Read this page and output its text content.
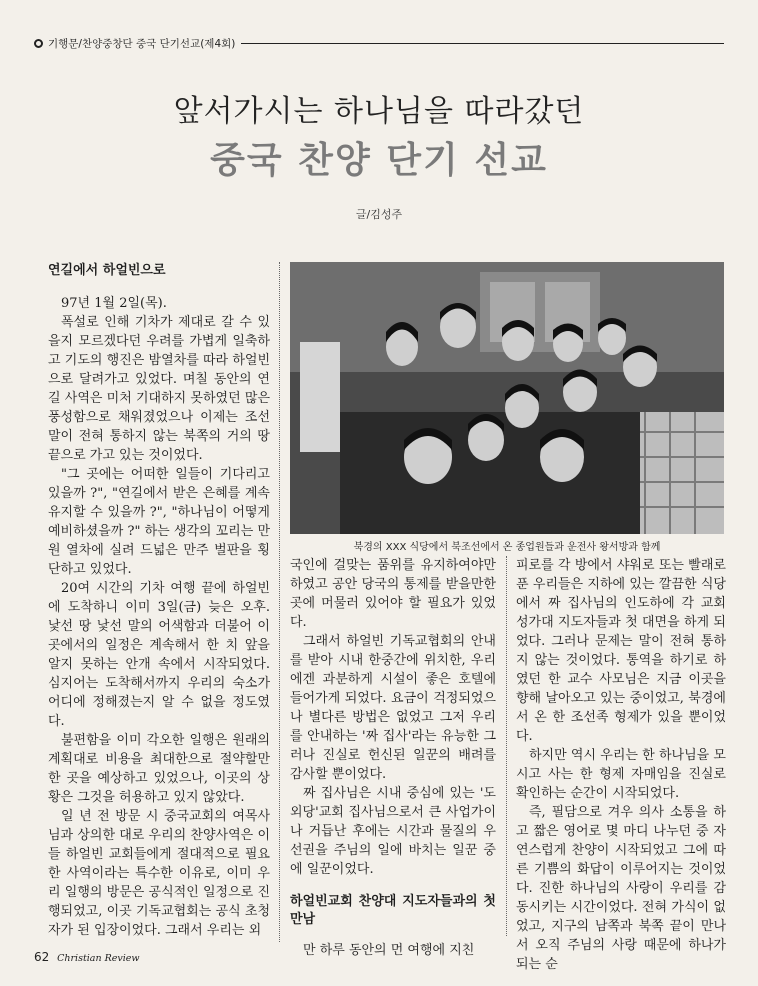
기행문/찬양중창단 중국 단기선교(제4회)
앞서가시는 하나님을 따라갔던
중국 찬양 단기 선교
글/김성주
연길에서 하얼빈으로

97년 1월 2일(목).

폭설로 인해 기차가 제대로 갈 수 있을지 모르겠다던 우려를 가볍게 일축하고 기도의 행진은 밤열차를 따라 하얼빈으로 달려가고 있었다. 며칠 동안의 연길 사역은 미처 기대하지 못하였던 많은 풍성함으로 채워졌었으나 이제는 조선말이 전혀 통하지 않는 북쪽의 거의 땅 끝으로 가고 있는 것이었다.

"그 곳에는 어떠한 일들이 기다리고 있을까 ?", "연길에서 받은 은혜를 계속 유지할 수 있을까 ?", "하나님이 어떻게 예비하셨을까 ?" 하는 생각의 꼬리는 만원 열차에 실려 드넓은 만주 벌판을 횡단하고 있었다.

20여 시간의 기차 여행 끝에 하얼빈에 도착하니 이미 3일(금) 늦은 오후. 낯선 땅 낯선 말의 어색함과 더불어 이곳에서의 일정은 계속해서 한 치 앞을 알지 못하는 안개 속에서 시작되었다. 심지어는 도착해서까지 우리의 숙소가 어디에 정해졌는지 알 수 없을 정도였다.

불편함을 이미 각오한 일행은 원래의 계획대로 비용을 최대한으로 절약할만한 곳을 예상하고 있었으나, 이곳의 상황은 그것을 허용하고 있지 않았다.

일 년 전 방문 시 중국교회의 여목사님과 상의한 대로 우리의 찬양사역은 이들 하얼빈 교회들에게 절대적으로 필요한 사역이라는 특수한 이유로, 이미 우리 일행의 방문은 공식적인 일정으로 진행되었고, 이곳 기독교협회는 공식 초청자가 된 입장이었다. 그래서 우리는 외

북경의 XXX 식당에서 북조선에서 온 종업원들과 운전사 왕서방과 함께

국인에 걸맞는 품위를 유지하여야만 하였고 공안 당국의 통제를 받을만한 곳에 머물러 있어야 할 필요가 있었다.

그래서 하얼빈 기독교협회의 안내를 받아 시내 한중간에 위치한, 우리에겐 과분하게 시설이 좋은 호텔에 들어가게 되었다. 요금이 걱정되었으나 별다른 방법은 없었고 그저 우리를 안내하는 '짜 집사'라는 유능한 그러나 진실로 헌신된 일꾼의 배려를 감사할 뿐이었다.

짜 집사님은 시내 중심에 있는 '도외당'교회 집사님으로서 큰 사업가이나 거듭난 후에는 시간과 물질의 우선권을 주님의 일에 바치는 일꾼 중에 일꾼이었다.

하얼빈교회 찬양대 지도자들과의 첫 만남

만 하루 동안의 먼 여행에 지친

피로를 각 방에서 샤워로 또는 빨래로 푼 우리들은 지하에 있는 깔끔한 식당에서 짜 집사님의 인도하에 각 교회 성가대 지도자들과 첫 대면을 하게 되었다. 그러나 문제는 말이 전혀 통하지 않는 것이었다. 통역을 하기로 하였던 한 교수 사모님은 지금 이곳을 향해 날아오고 있는 중이었고, 북경에서 온 한 조선족 형제가 있을 뿐이었다.

하지만 역시 우리는 한 하나님을 모시고 사는 한 형제 자매임을 진실로 확인하는 순간이 시작되었다.

즉, 필담으로 겨우 의사 소통을 하고 짧은 영어로 몇 마디 나누던 중 자연스럽게 찬양이 시작되었고 그에 따른 기쁨의 화답이 이루어지는 것이었다. 진한 하나님의 사랑이 우리를 감동시키는 시간이었다. 전혀 가식이 없었고, 지구의 남쪽과 북쪽 끝이 만나서 오직 주님의 사랑 때문에 하나가 되는 순

62 Christian Review
